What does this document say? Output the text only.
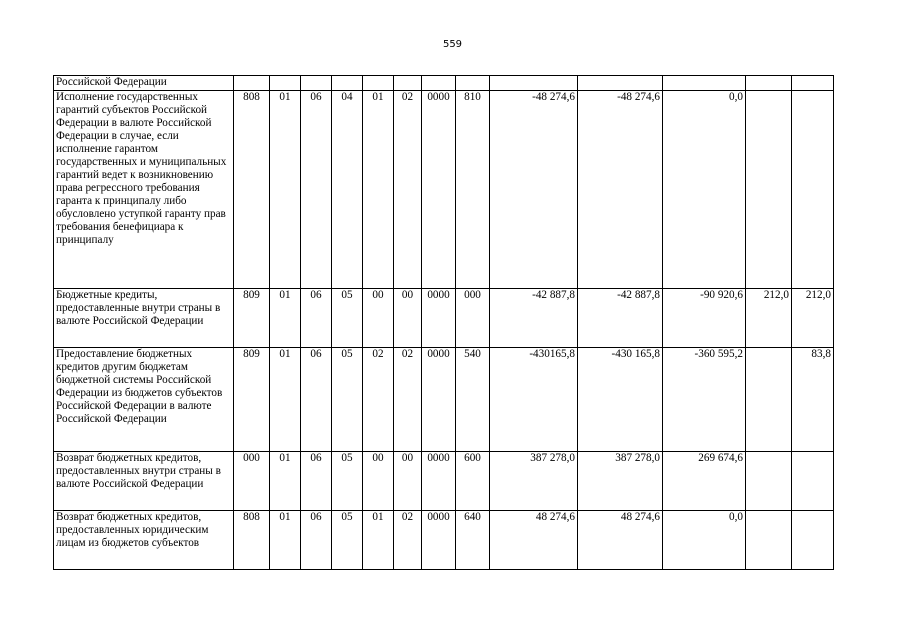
559
Российской Федерации													
Исполнение государственных гарантий субъектов Российской Федерации в валюте Российской Федерации в случае, если исполнение гарантом государственных и муниципальных гарантий ведет к возникновению права регрессного требования гаранта к принципалу либо обусловлено уступкой гаранту прав требования бенефициара к принципалу	808	01	06	04	01	02	0000	810	-48 274,6	-48 274,6	0,0		
Бюджетные кредиты, предоставленные внутри страны в валюте Российской Федерации	809	01	06	05	00	00	0000	000	-42 887,8	-42 887,8	-90 920,6	212,0	212,0
Предоставление бюджетных кредитов другим бюджетам бюджетной системы Российской Федерации из бюджетов субъектов Российской Федерации в валюте Российской Федерации	809	01	06	05	02	02	0000	540	-430165,8	-430 165,8	-360 595,2		83,8
Возврат бюджетных кредитов, предоставленных внутри страны в валюте Российской Федерации	000	01	06	05	00	00	0000	600	387 278,0	387 278,0	269 674,6		
Возврат бюджетных кредитов, предоставленных юридическим лицам из бюджетов субъектов	808	01	06	05	01	02	0000	640	48 274,6	48 274,6	0,0		
